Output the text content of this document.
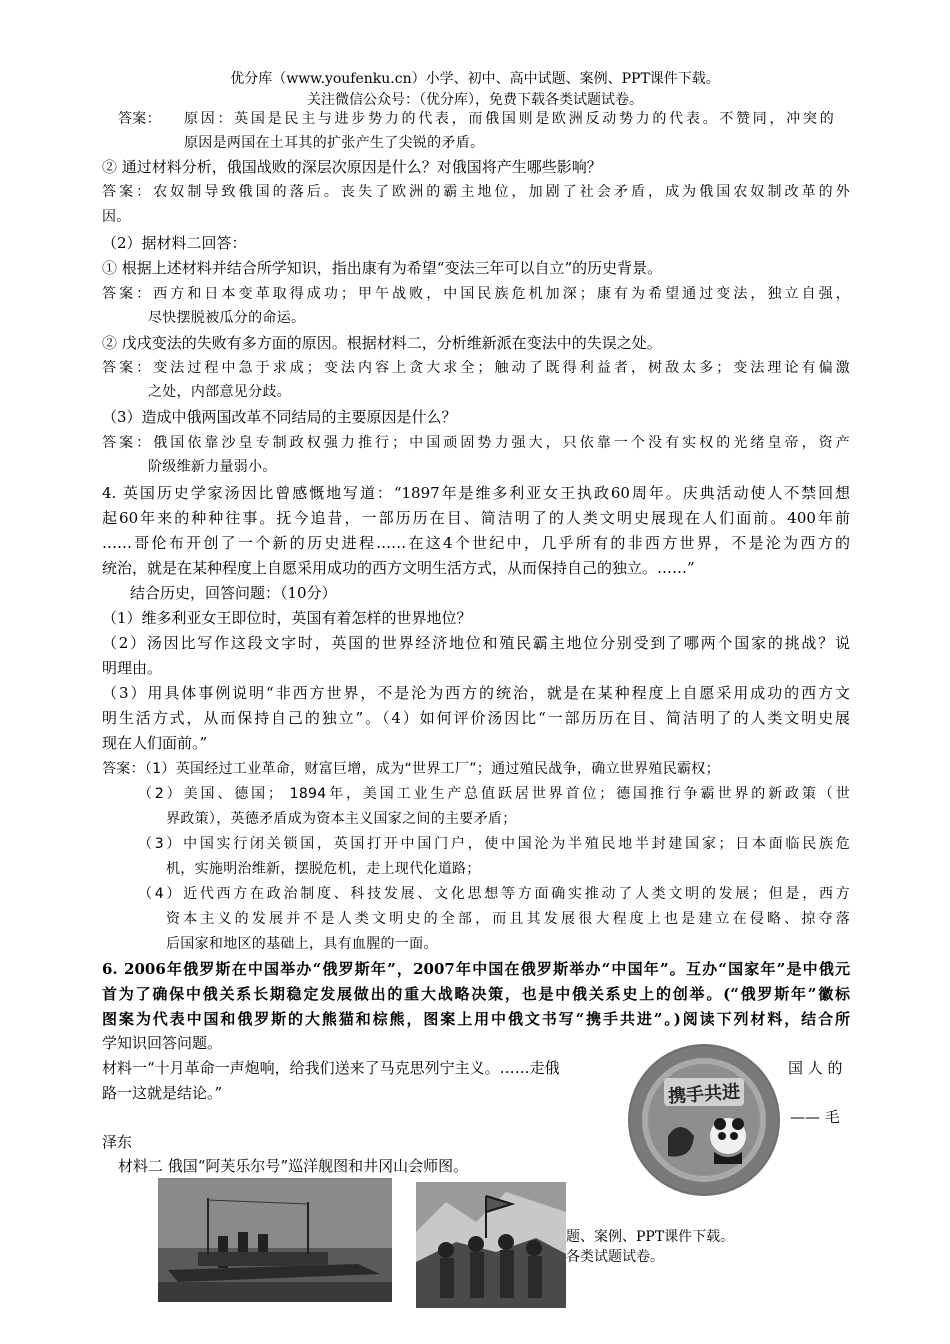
优分库（www.youfenku.cn）小学、初中、高中试题、案例、PPT课件下载。
关注微信公众号：（优分库），免费下载各类试题试卷。
答案： 原因：英国是民主与进步势力的代表，而俄国则是欧洲反动势力的代表。不赞同，冲突的
原因是两国在土耳其的扩张产生了尖锐的矛盾。
② 通过材料分析，俄国战败的深层次原因是什么？对俄国将产生哪些影响？
答案：农奴制导致俄国的落后。丧失了欧洲的霸主地位，加剧了社会矛盾，成为俄国农奴制改革的外
因。
（2）据材料二回答：
① 根据上述材料并结合所学知识，指出康有为希望“变法三年可以自立”的历史背景。
答案：西方和日本变革取得成功；甲午战败，中国民族危机加深；康有为希望通过变法，独立自强，
尽快摆脱被瓜分的命运。
② 戊戌变法的失败有多方面的原因。根据材料二，分析维新派在变法中的失误之处。
答案：变法过程中急于求成；变法内容上贪大求全；触动了既得利益者，树敌太多；变法理论有偏激
之处，内部意见分歧。
（3）造成中俄两国改革不同结局的主要原因是什么？
答案：俄国依靠沙皇专制政权强力推行；中国顽固势力强大，只依靠一个没有实权的光绪皇帝，资产
阶级维新力量弱小。
4. 英国历史学家汤因比曾感慨地写道：“1897年是维多利亚女王执政60周年。庆典活动使人不禁回想
起60年来的种种往事。抚今追昔，一部历历在目、简洁明了的人类文明史展现在人们面前。400年前
……哥伦布开创了一个新的历史进程……在这4个世纪中，几乎所有的非西方世界，不是沦为西方的
统治，就是在某种程度上自愿采用成功的西方文明生活方式，从而保持自己的独立。……”
结合历史，回答问题：（10分）
（1）维多利亚女王即位时，英国有着怎样的世界地位？
（2）汤因比写作这段文字时，英国的世界经济地位和殖民霸主地位分别受到了哪两个国家的挑战？说
明理由。
（3）用具体事例说明“非西方世界，不是沦为西方的统治，就是在某种程度上自愿采用成功的西方文
明生活方式，从而保持自己的独立”。（4）如何评价汤因比“一部历历在目、简洁明了的人类文明史展
现在人们面前。”
答案：（1）英国经过工业革命，财富巨增，成为“世界工厂”；通过殖民战争，确立世界殖民霸权；
（2）美国、德国； 1894年，美国工业生产总值跃居世界首位；德国推行争霸世界的新政策（世
界政策），英德矛盾成为资本主义国家之间的主要矛盾；
（3）中国实行闭关锁国，英国打开中国门户，使中国沦为半殖民地半封建国家；日本面临民族危
机，实施明治维新，摆脱危机，走上现代化道路；
（4）近代西方在政治制度、科技发展、文化思想等方面确实推动了人类文明的发展；但是，西方
资本主义的发展并不是人类文明史的全部，而且其发展很大程度上也是建立在侵略、掠夺落
后国家和地区的基础上，具有血腥的一面。
6. 2006年俄罗斯在中国举办“俄罗斯年”，2007年中国在俄罗斯举办“中国年”。互办“国家年”是中俄元
首为了确保中俄关系长期稳定发展做出的重大战略决策，也是中俄关系史上的创举。(“俄罗斯年”徽标
图案为代表中国和俄罗斯的大熊猫和棕熊，图案上用中俄文书写“携手共进”。)阅读下列材料，结合所
学知识回答问题。
材料一“十月革命一声炮响，给我们送来了马克思列宁主义。……走俄	国 人 的
路一这就是结论。”
—— 毛
泽东
材料二 俄国“阿芙乐尔号”巡洋舰图和井冈山会师图。
携手共进
题、案例、PPT课件下载。
各类试题试卷。
